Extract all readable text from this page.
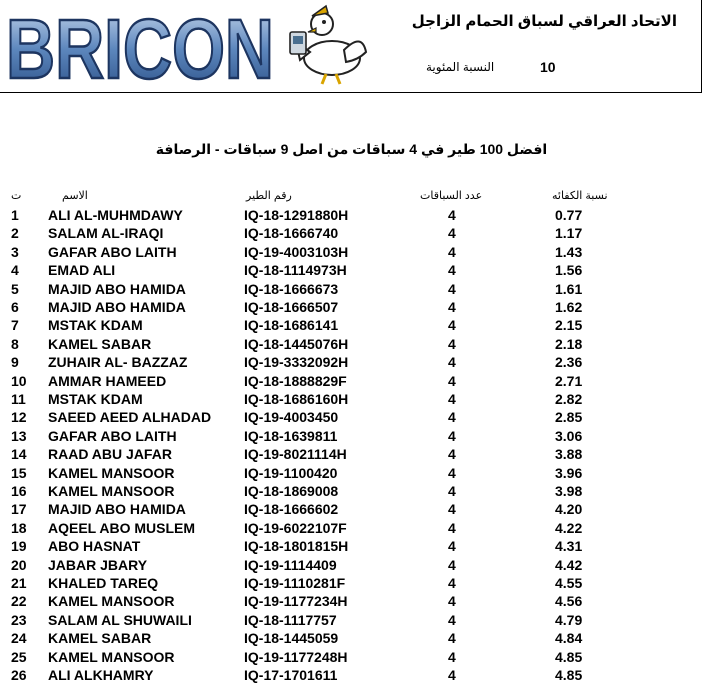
BRICON	الاتحاد العراقي لسباق الحمام الزاجل
النسبة المئوية	10
افضل 100 طير في 4 سباقات من اصل 9 سباقات - الرصافة
ت	الاسم	رقم الطير	عدد السباقات	نسبة الكفائه
1 ALI AL-MUHMDAWY	IQ-18-1291880H	4	0.77
2 SALAM AL-IRAQI	IQ-18-1666740	4	1.17
3 GAFAR ABO LAITH	IQ-19-4003103H	4	1.43
4 EMAD ALI	IQ-18-1114973H	4	1.56
5 MAJID ABO HAMIDA	IQ-18-1666673	4	1.61
6 MAJID ABO HAMIDA	IQ-18-1666507	4	1.62
7 MSTAK KDAM	IQ-18-1686141	4	2.15
8 KAMEL SABAR	IQ-18-1445076H	4	2.18
9 ZUHAIR AL- BAZZAZ	IQ-19-3332092H	4	2.36
10 AMMAR HAMEED	IQ-18-1888829F	4	2.71
11 MSTAK KDAM	IQ-18-1686160H	4	2.82
12 SAEED AEED ALHADAD IQ-19-4003450	4	2.85
13 GAFAR ABO LAITH	IQ-18-1639811	4	3.06
14 RAAD ABU JAFAR	IQ-19-8021114H	4	3.88
15 KAMEL MANSOOR	IQ-19-1100420	4	3.96
16 KAMEL MANSOOR	IQ-18-1869008	4	3.98
17 MAJID ABO HAMIDA	IQ-18-1666602	4	4.20
18 AQEEL ABO MUSLEM	IQ-19-6022107F	4	4.22
19 ABO HASNAT	IQ-18-1801815H	4	4.31
20 JABAR JBARY	IQ-19-1114409	4	4.42
21 KHALED TAREQ	IQ-19-1110281F	4	4.55
22 KAMEL MANSOOR	IQ-19-1177234H	4	4.56
23 SALAM AL SHUWAILI	IQ-18-1117757	4	4.79
24 KAMEL SABAR	IQ-18-1445059	4	4.84
25 KAMEL MANSOOR	IQ-19-1177248H	4	4.85
26 ALI ALKHAMRY	IQ-17-1701611	4	4.85
